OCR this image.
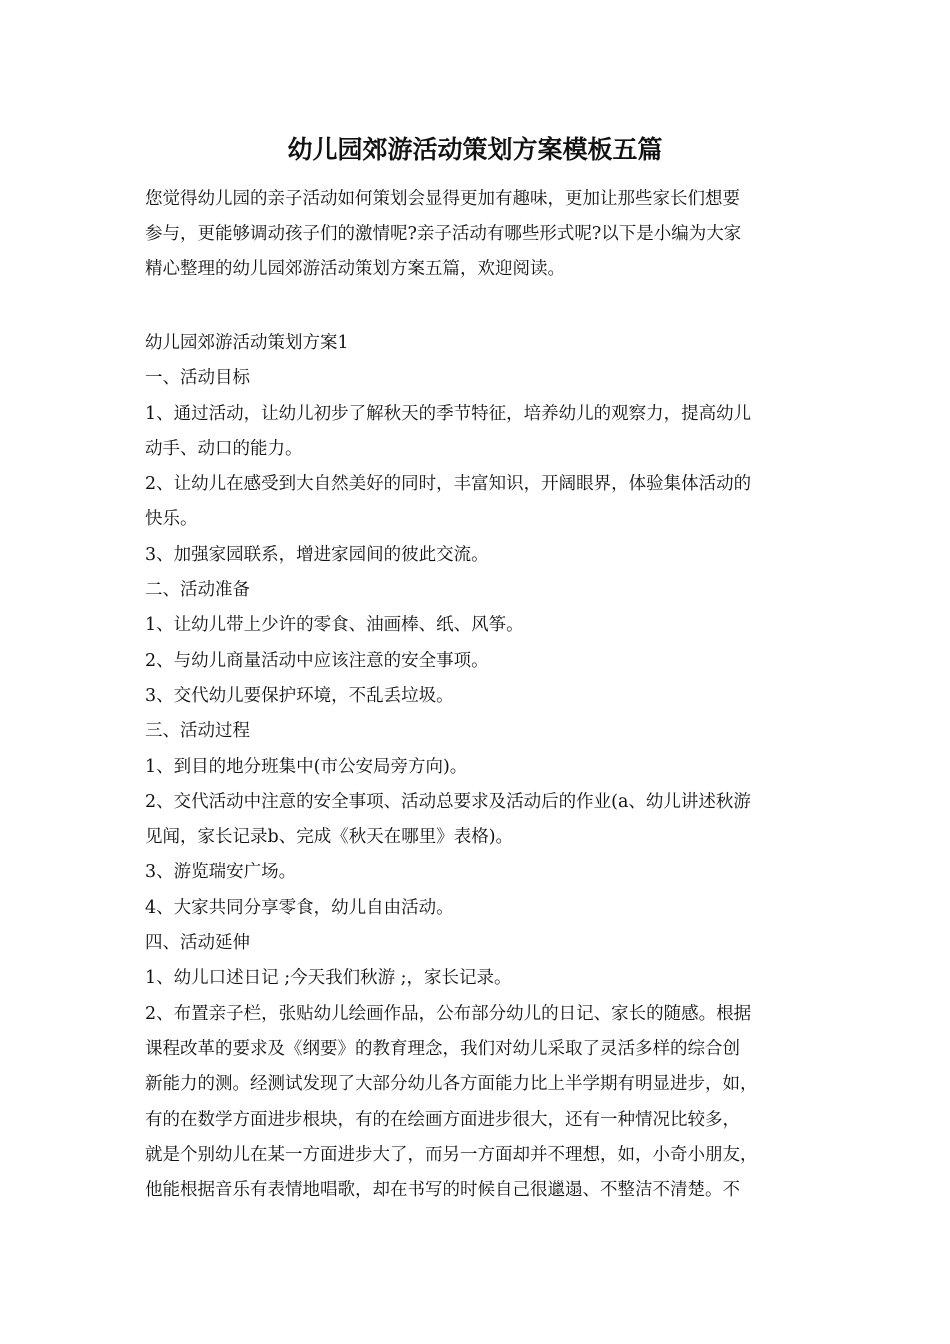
幼儿园郊游活动策划方案模板五篇
您觉得幼儿园的亲子活动如何策划会显得更加有趣味，更加让那些家长们想要
参与，更能够调动孩子们的激情呢?亲子活动有哪些形式呢?以下是小编为大家
精心整理的幼儿园郊游活动策划方案五篇，欢迎阅读。
幼儿园郊游活动策划方案1
一、活动目标
1、通过活动，让幼儿初步了解秋天的季节特征，培养幼儿的观察力，提高幼儿
动手、动口的能力。
2、让幼儿在感受到大自然美好的同时，丰富知识，开阔眼界，体验集体活动的
快乐。
3、加强家园联系，增进家园间的彼此交流。
二、活动准备
1、让幼儿带上少许的零食、油画棒、纸、风筝。
2、与幼儿商量活动中应该注意的安全事项。
3、交代幼儿要保护环境，不乱丢垃圾。
三、活动过程
1、到目的地分班集中(市公安局旁方向)。
2、交代活动中注意的安全事项、活动总要求及活动后的作业(a、幼儿讲述秋游
见闻，家长记录b、完成《秋天在哪里》表格)。
3、游览瑞安广场。
4、大家共同分享零食，幼儿自由活动。
四、活动延伸
1、幼儿口述日记 ;今天我们秋游 ;，家长记录。
2、布置亲子栏，张贴幼儿绘画作品，公布部分幼儿的日记、家长的随感。根据
课程改革的要求及《纲要》的教育理念，我们对幼儿采取了灵活多样的综合创
新能力的测。经测试发现了大部分幼儿各方面能力比上半学期有明显进步，如，
有的在数学方面进步根块，有的在绘画方面进步很大，还有一种情况比较多，
就是个别幼儿在某一方面进步大了，而另一方面却并不理想，如，小奇小朋友，
他能根据音乐有表情地唱歌，却在书写的时候自己很邋遢、不整洁不清楚。不
